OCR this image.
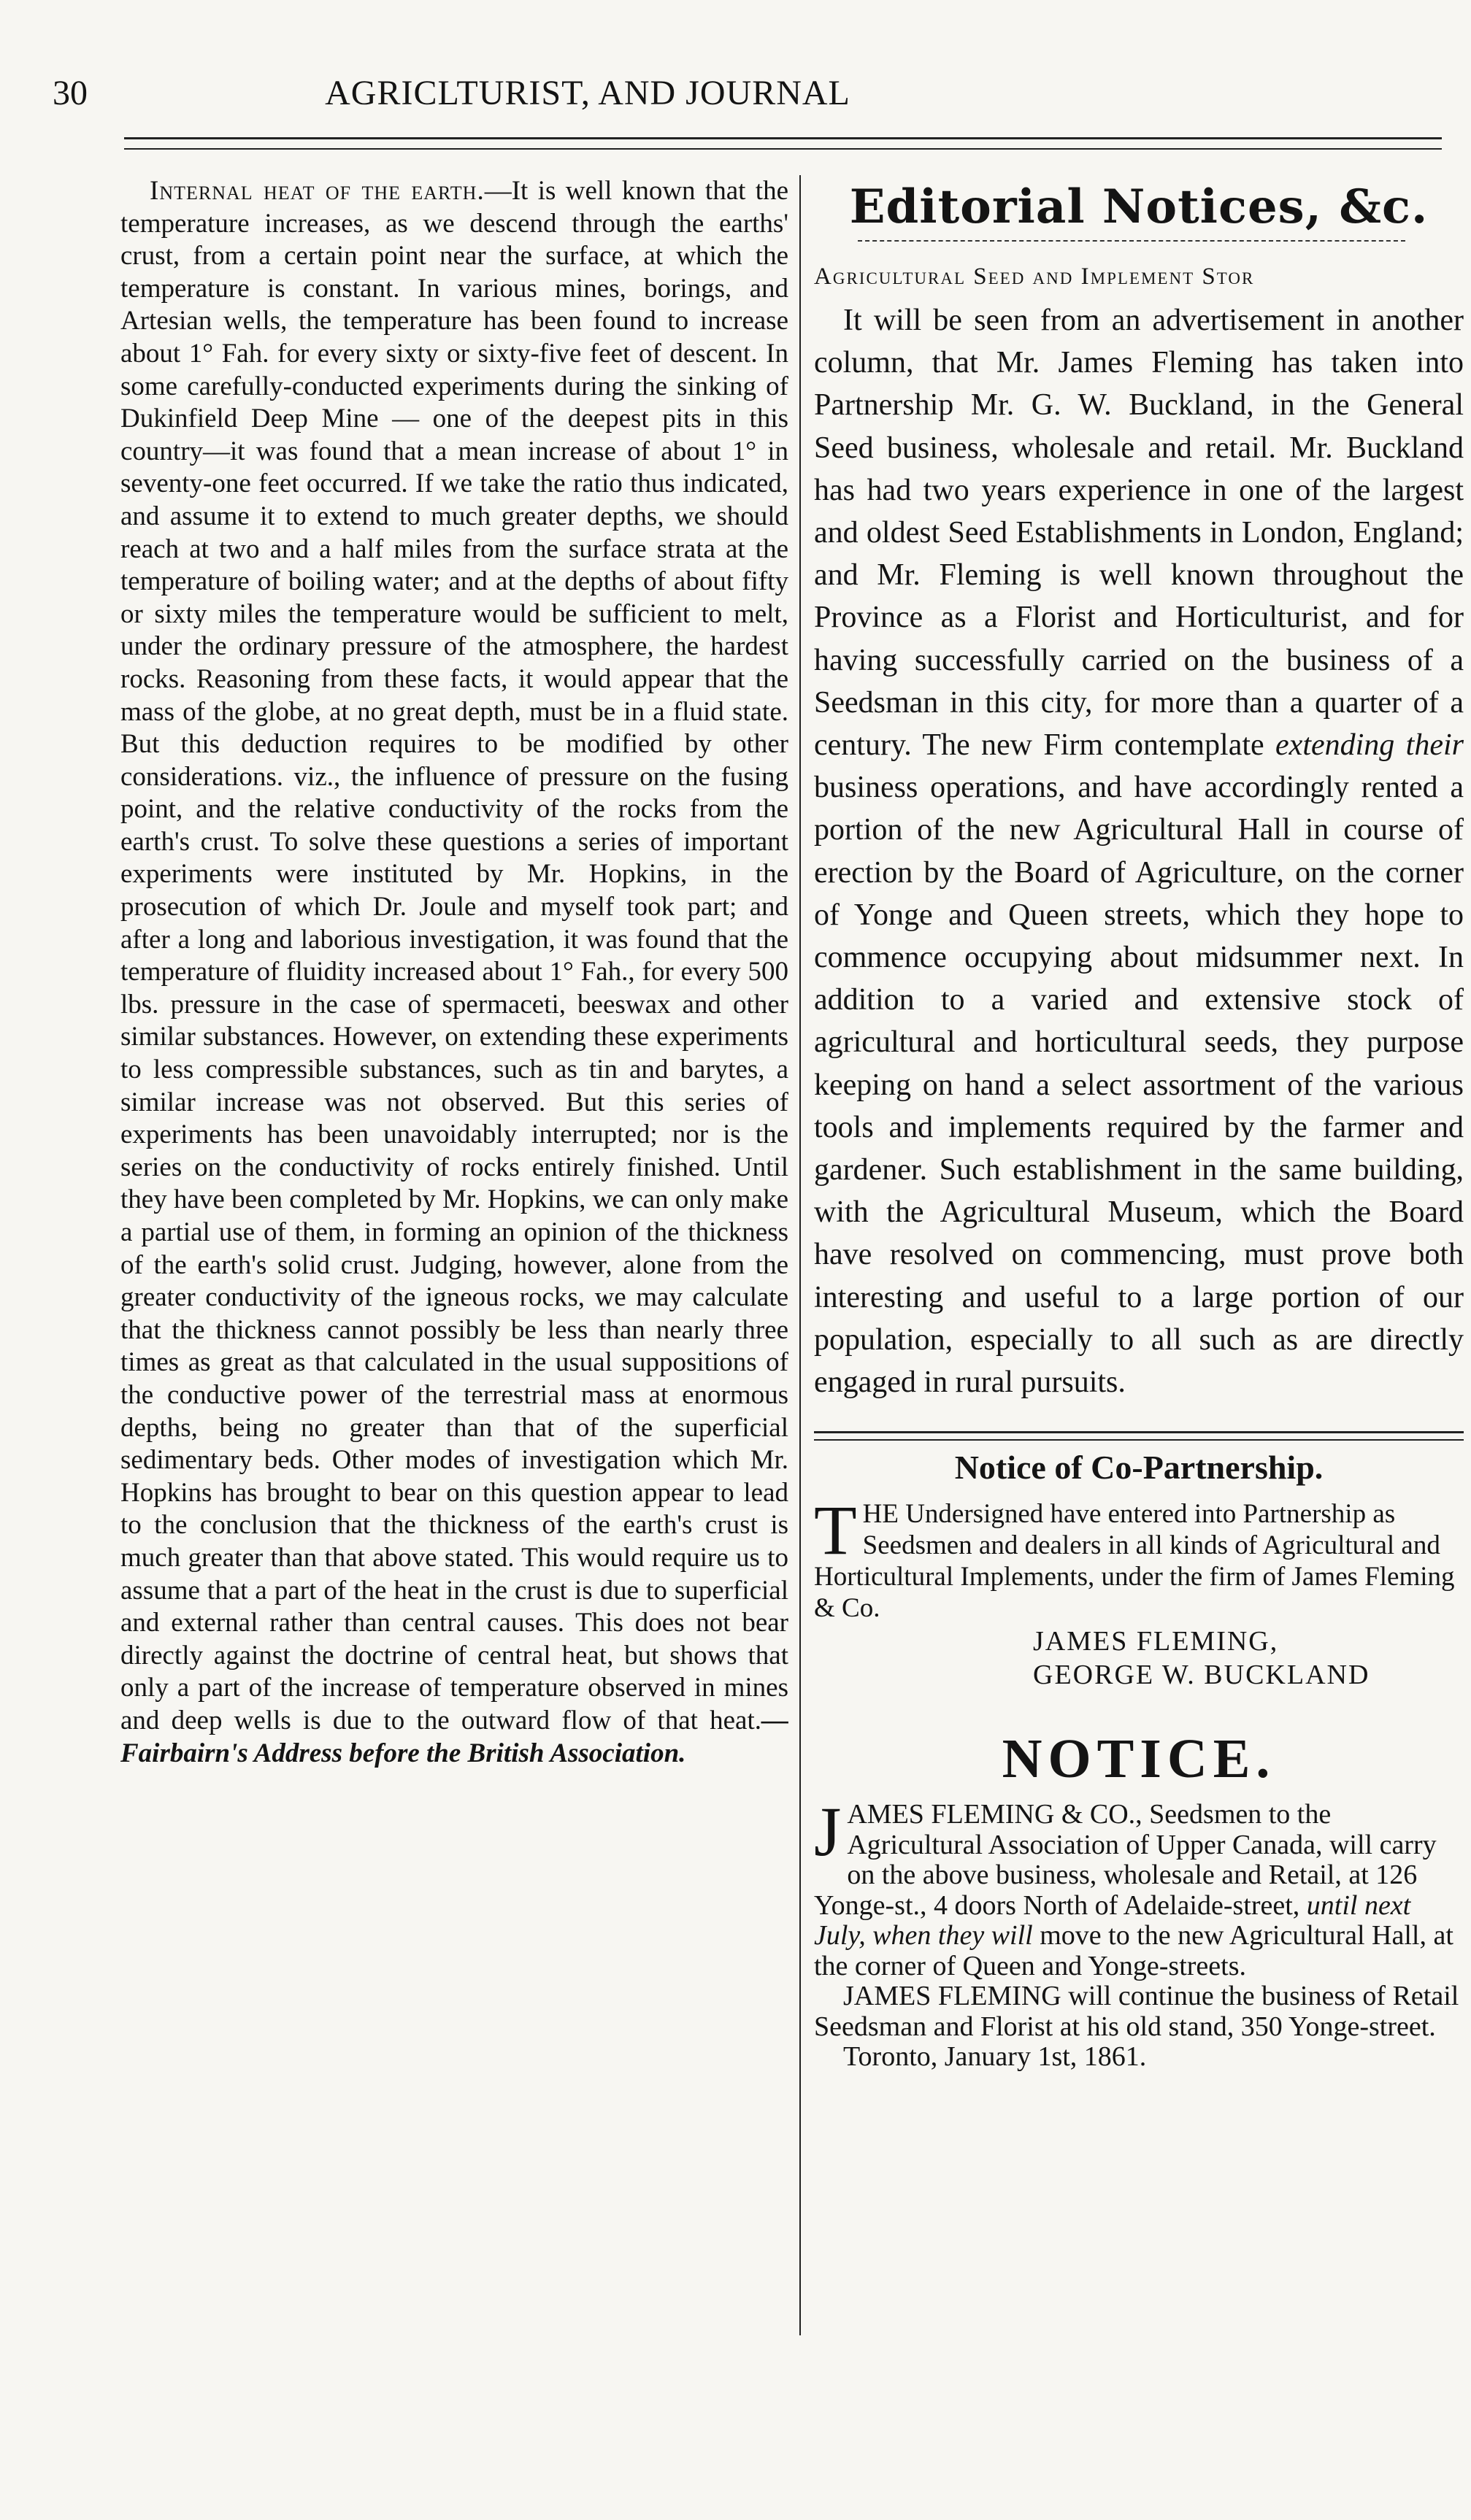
30	AGRICLTURIST, AND JOURNAL

Internal heat of the earth.—It is well known that the temperature increases, as we descend through the earths' crust, from a certain point near the surface, at which the temperature is constant. In various mines, borings, and Artesian wells, the temperature has been found to increase about 1° Fah. for every sixty or sixty-five feet of descent. In some carefully-conducted experiments during the sinking of Dukinfield Deep Mine — one of the deepest pits in this country—it was found that a mean increase of about 1° in seventy-one feet occurred. If we take the ratio thus indicated, and assume it to extend to much greater depths, we should reach at two and a half miles from the surface strata at the temperature of boiling water; and at the depths of about fifty or sixty miles the temperature would be sufficient to melt, under the ordinary pressure of the atmosphere, the hardest rocks. Reasoning from these facts, it would appear that the mass of the globe, at no great depth, must be in a fluid state. But this deduction requires to be modified by other considerations. viz., the influence of pressure on the fusing point, and the relative conductivity of the rocks from the earth's crust. To solve these questions a series of important experiments were instituted by Mr. Hopkins, in the prosecution of which Dr. Joule and myself took part; and after a long and laborious investigation, it was found that the temperature of fluidity increased about 1° Fah., for every 500 lbs. pressure in the case of spermaceti, beeswax and other similar substances. However, on extending these experiments to less compressible substances, such as tin and barytes, a similar increase was not observed. But this series of experiments has been unavoidably interrupted; nor is the series on the conductivity of rocks entirely finished. Until they have been completed by Mr. Hopkins, we can only make a partial use of them, in forming an opinion of the thickness of the earth's solid crust. Judging, however, alone from the greater conductivity of the igneous rocks, we may calculate that the thickness cannot possibly be less than nearly three times as great as that calculated in the usual suppositions of the conductive power of the terrestrial mass at enormous depths, being no greater than that of the superficial sedimentary beds. Other modes of investigation which Mr. Hopkins has brought to bear on this question appear to lead to the conclusion that the thickness of the earth's crust is much greater than that above stated. This would require us to assume that a part of the heat in the crust is due to superficial and external rather than central causes. This does not bear directly against the doctrine of central heat, but shows that only a part of the increase of temperature observed in mines and deep wells is due to the outward flow of that heat.—Fairbairn's Address before the British Association.

Editorial Notices, &c.
Agricultural Seed and Implement Stor

It will be seen from an advertisement in another column, that Mr. James Fleming has taken into Partnership Mr. G. W. Buckland, in the General Seed business, wholesale and retail. Mr. Buckland has had two years experience in one of the largest and oldest Seed Establishments in London, England; and Mr. Fleming is well known throughout the Province as a Florist and Horticulturist, and for having successfully carried on the business of a Seedsman in this city, for more than a quarter of a century. The new Firm contemplate extending their business operations, and have accordingly rented a portion of the new Agricultural Hall in course of erection by the Board of Agriculture, on the corner of Yonge and Queen streets, which they hope to commence occupying about midsummer next. In addition to a varied and extensive stock of agricultural and horticultural seeds, they purpose keeping on hand a select assortment of the various tools and implements required by the farmer and gardener. Such establishment in the same building, with the Agricultural Museum, which the Board have resolved on commencing, must prove both interesting and useful to a large portion of our population, especially to all such as are directly engaged in rural pursuits.

Notice of Co-Partnership.

THE Undersigned have entered into Partnership as Seedsmen and dealers in all kinds of Agricultural and Horticultural Implements, under the firm of James Fleming & Co.

JAMES FLEMING,
GEORGE W. BUCKLAND
NOTICE.

JAMES FLEMING & CO., Seedsmen to the Agricultural Association of Upper Canada, will carry on the above business, wholesale and Retail, at 126 Yonge-st., 4 doors North of Adelaide-street, until next July, when they will move to the new Agricultural Hall, at the corner of Queen and Yonge-streets.

JAMES FLEMING will continue the business of Retail Seedsman and Florist at his old stand, 350 Yonge-street.

Toronto, January 1st, 1861.
